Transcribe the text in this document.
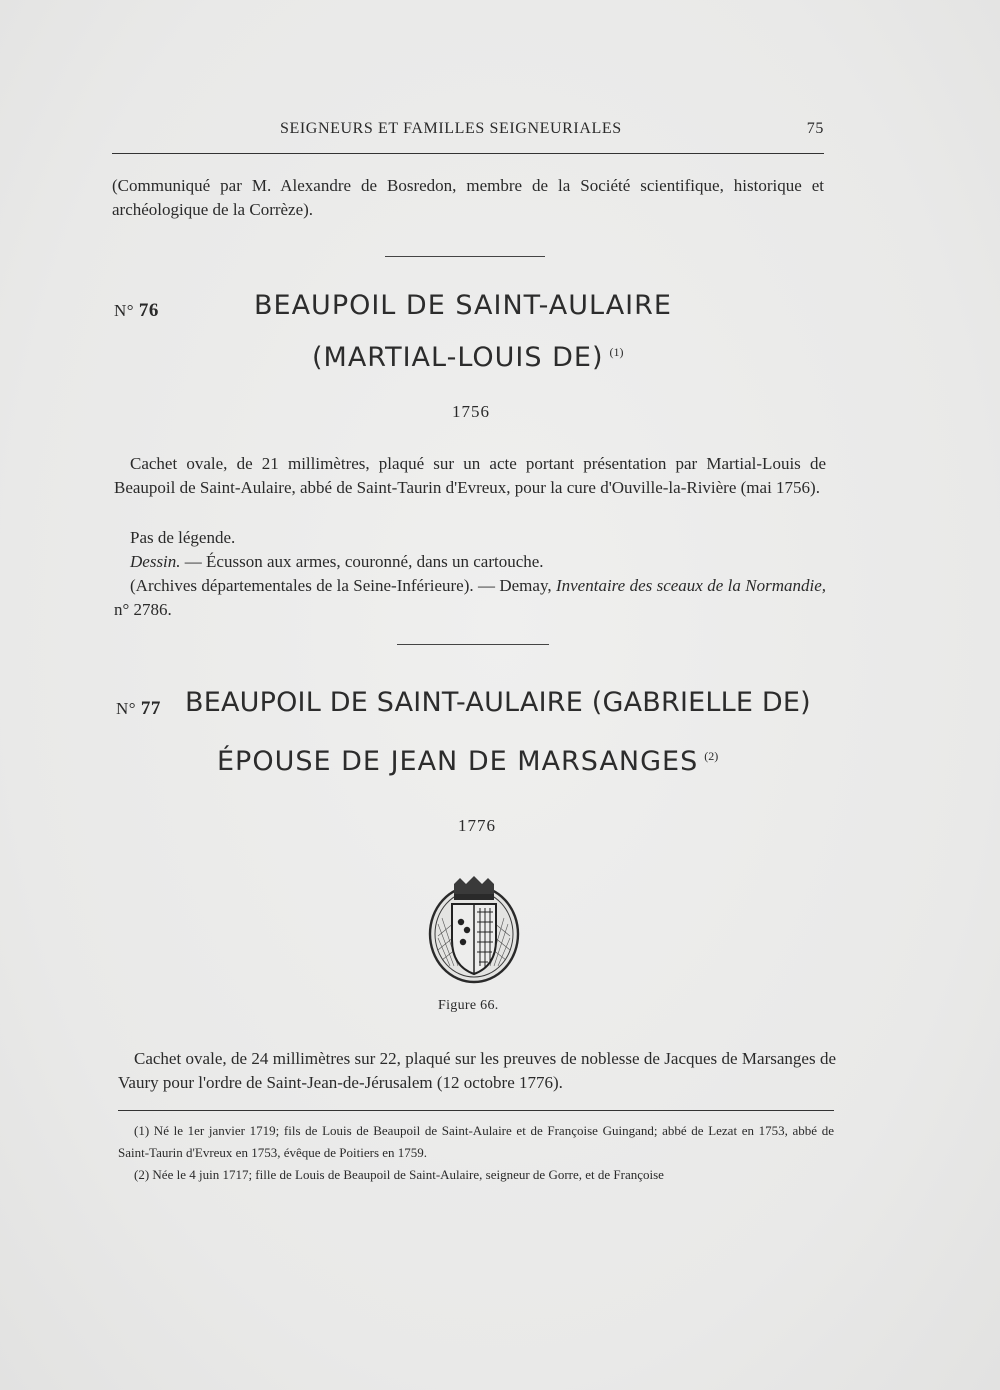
SEIGNEURS ET FAMILLES SEIGNEURIALES	75
(Communiqué par M. Alexandre de Bosredon, membre de la Société scientifique, historique et archéologique de la Corrèze).
N° 76	BEAUPOIL DE SAINT-AULAIRE
(MARTIAL-LOUIS DE) $^{(1)}$
1756
Cachet ovale, de 21 millimètres, plaqué sur un acte portant présentation par Martial-Louis de Beaupoil de Saint-Aulaire, abbé de Saint-Taurin d'Evreux, pour la cure d'Ouville-la-Rivière (mai 1756).
Pas de légende.
Dessin. — Écusson aux armes, couronné, dans un cartouche.
(Archives départementales de la Seine-Inférieure). — Demay, Inventaire des sceaux de la Normandie, n° 2786.
N° 77 BEAUPOIL DE SAINT-AULAIRE (GABRIELLE DE)
ÉPOUSE DE JEAN DE MARSANGES $^{(2)}$
1776
Figure 66.
Cachet ovale, de 24 millimètres sur 22, plaqué sur les preuves de noblesse de Jacques de Marsanges de Vaury pour l'ordre de Saint-Jean-de-Jérusalem (12 octobre 1776).
(1) Né le 1er janvier 1719; fils de Louis de Beaupoil de Saint-Aulaire et de Françoise Guingand; abbé de Lezat en 1753, abbé de Saint-Taurin d'Evreux en 1753, évêque de Poitiers en 1759.
(2) Née le 4 juin 1717; fille de Louis de Beaupoil de Saint-Aulaire, seigneur de Gorre, et de Françoise
